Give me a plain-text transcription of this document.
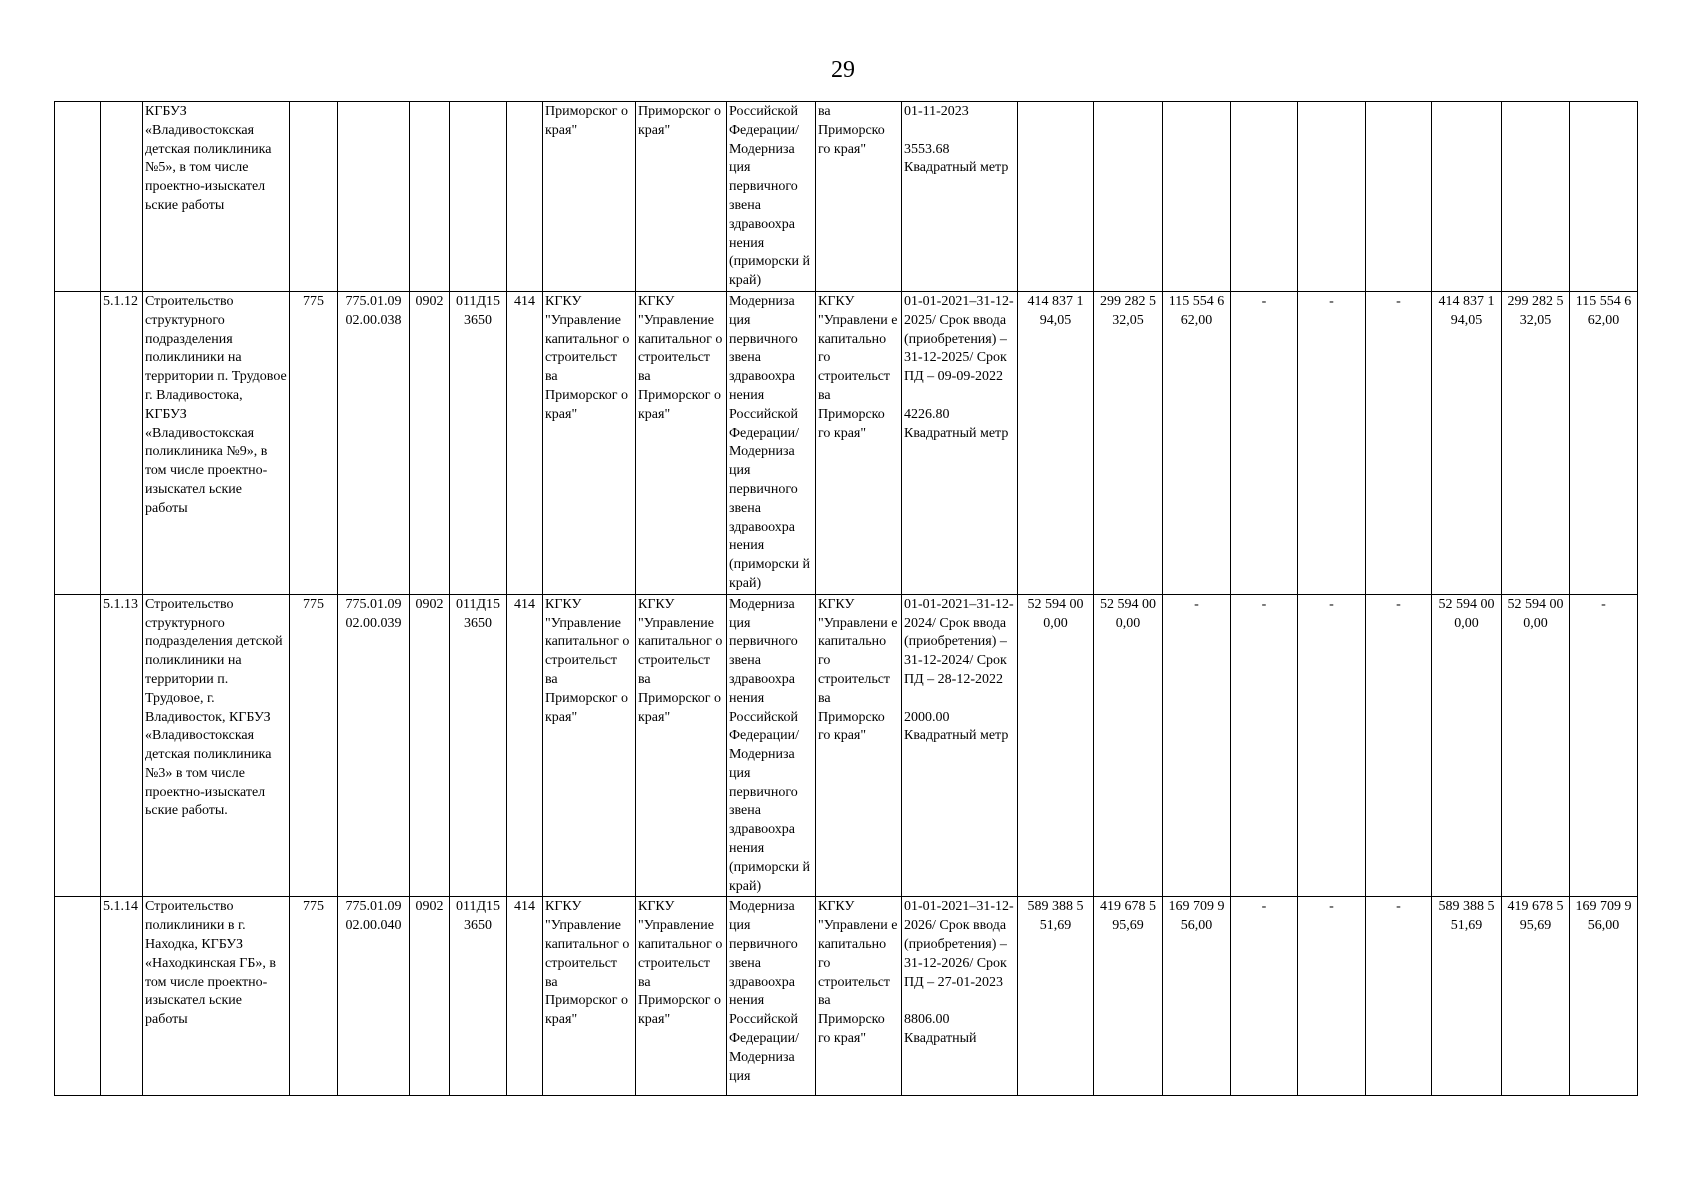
29
		КГБУЗ
«Владивостокская детская поликлиника №5», в том числе проектно-изыскател ьские работы						Приморског о края"	Приморског о края"	Российской Федерации/ Модерниза ция первичного звена здравоохра нения (приморски й край)	ва Приморско го края"	01-11-2023

3553.68
Квадратный метр									
	5.1.12	Строительство структурного подразделения поликлиники на территории п. Трудовое г. Владивостока, КГБУЗ «Владивостокская поликлиника №9», в том числе проектно-изыскател ьские работы	775	775.01.09 02.00.038	0902	011Д15 3650	414	КГКУ "Управление капитальног о строительст ва Приморског о края"	КГКУ "Управление капитальног о строительст ва Приморског о края"	Модерниза ция первичного звена здравоохра нения Российской Федерации/ Модерниза ция первичного звена здравоохра нения (приморски й край)	КГКУ "Управлени е капитально го строительст ва Приморско го края"	01-01-2021–31-12-2025/ Срок ввода (приобретения) – 31-12-2025/ Срок ПД – 09-09-2022

4226.80
Квадратный метр	414 837 1 94,05	299 282 5 32,05	115 554 6 62,00	-	-	-	414 837 1 94,05	299 282 5 32,05	115 554 6 62,00
	5.1.13	Строительство структурного подразделения детской поликлиники на территории п. Трудовое, г. Владивосток, КГБУЗ «Владивостокская детская поликлиника №3» в том числе проектно-изыскател ьские работы.	775	775.01.09 02.00.039	0902	011Д15 3650	414	КГКУ "Управление капитальног о строительст ва Приморског о края"	КГКУ "Управление капитальног о строительст ва Приморског о края"	Модерниза ция первичного звена здравоохра нения Российской Федерации/ Модерниза ция первичного звена здравоохра нения (приморски й край)	КГКУ "Управлени е капитально го строительст ва Приморско го края"	01-01-2021–31-12-2024/ Срок ввода (приобретения) – 31-12-2024/ Срок ПД – 28-12-2022

2000.00
Квадратный метр	52 594 00 0,00	52 594 00 0,00	-	-	-	-	52 594 00 0,00	52 594 00 0,00	-
	5.1.14	Строительство поликлиники в г. Находка, КГБУЗ «Находкинская ГБ», в том числе проектно-изыскател ьские работы	775	775.01.09 02.00.040	0902	011Д15 3650	414	КГКУ "Управление капитальног о строительст ва Приморског о края"	КГКУ "Управление капитальног о строительст ва Приморског о края"	Модерниза ция первичного звена здравоохра нения Российской Федерации/ Модерниза ция	КГКУ "Управлени е капитально го строительст ва Приморско го края"	01-01-2021–31-12-2026/ Срок ввода (приобретения) – 31-12-2026/ Срок ПД – 27-01-2023

8806.00
Квадратный	589 388 5 51,69	419 678 5 95,69	169 709 9 56,00	-	-	-	589 388 5 51,69	419 678 5 95,69	169 709 9 56,00
